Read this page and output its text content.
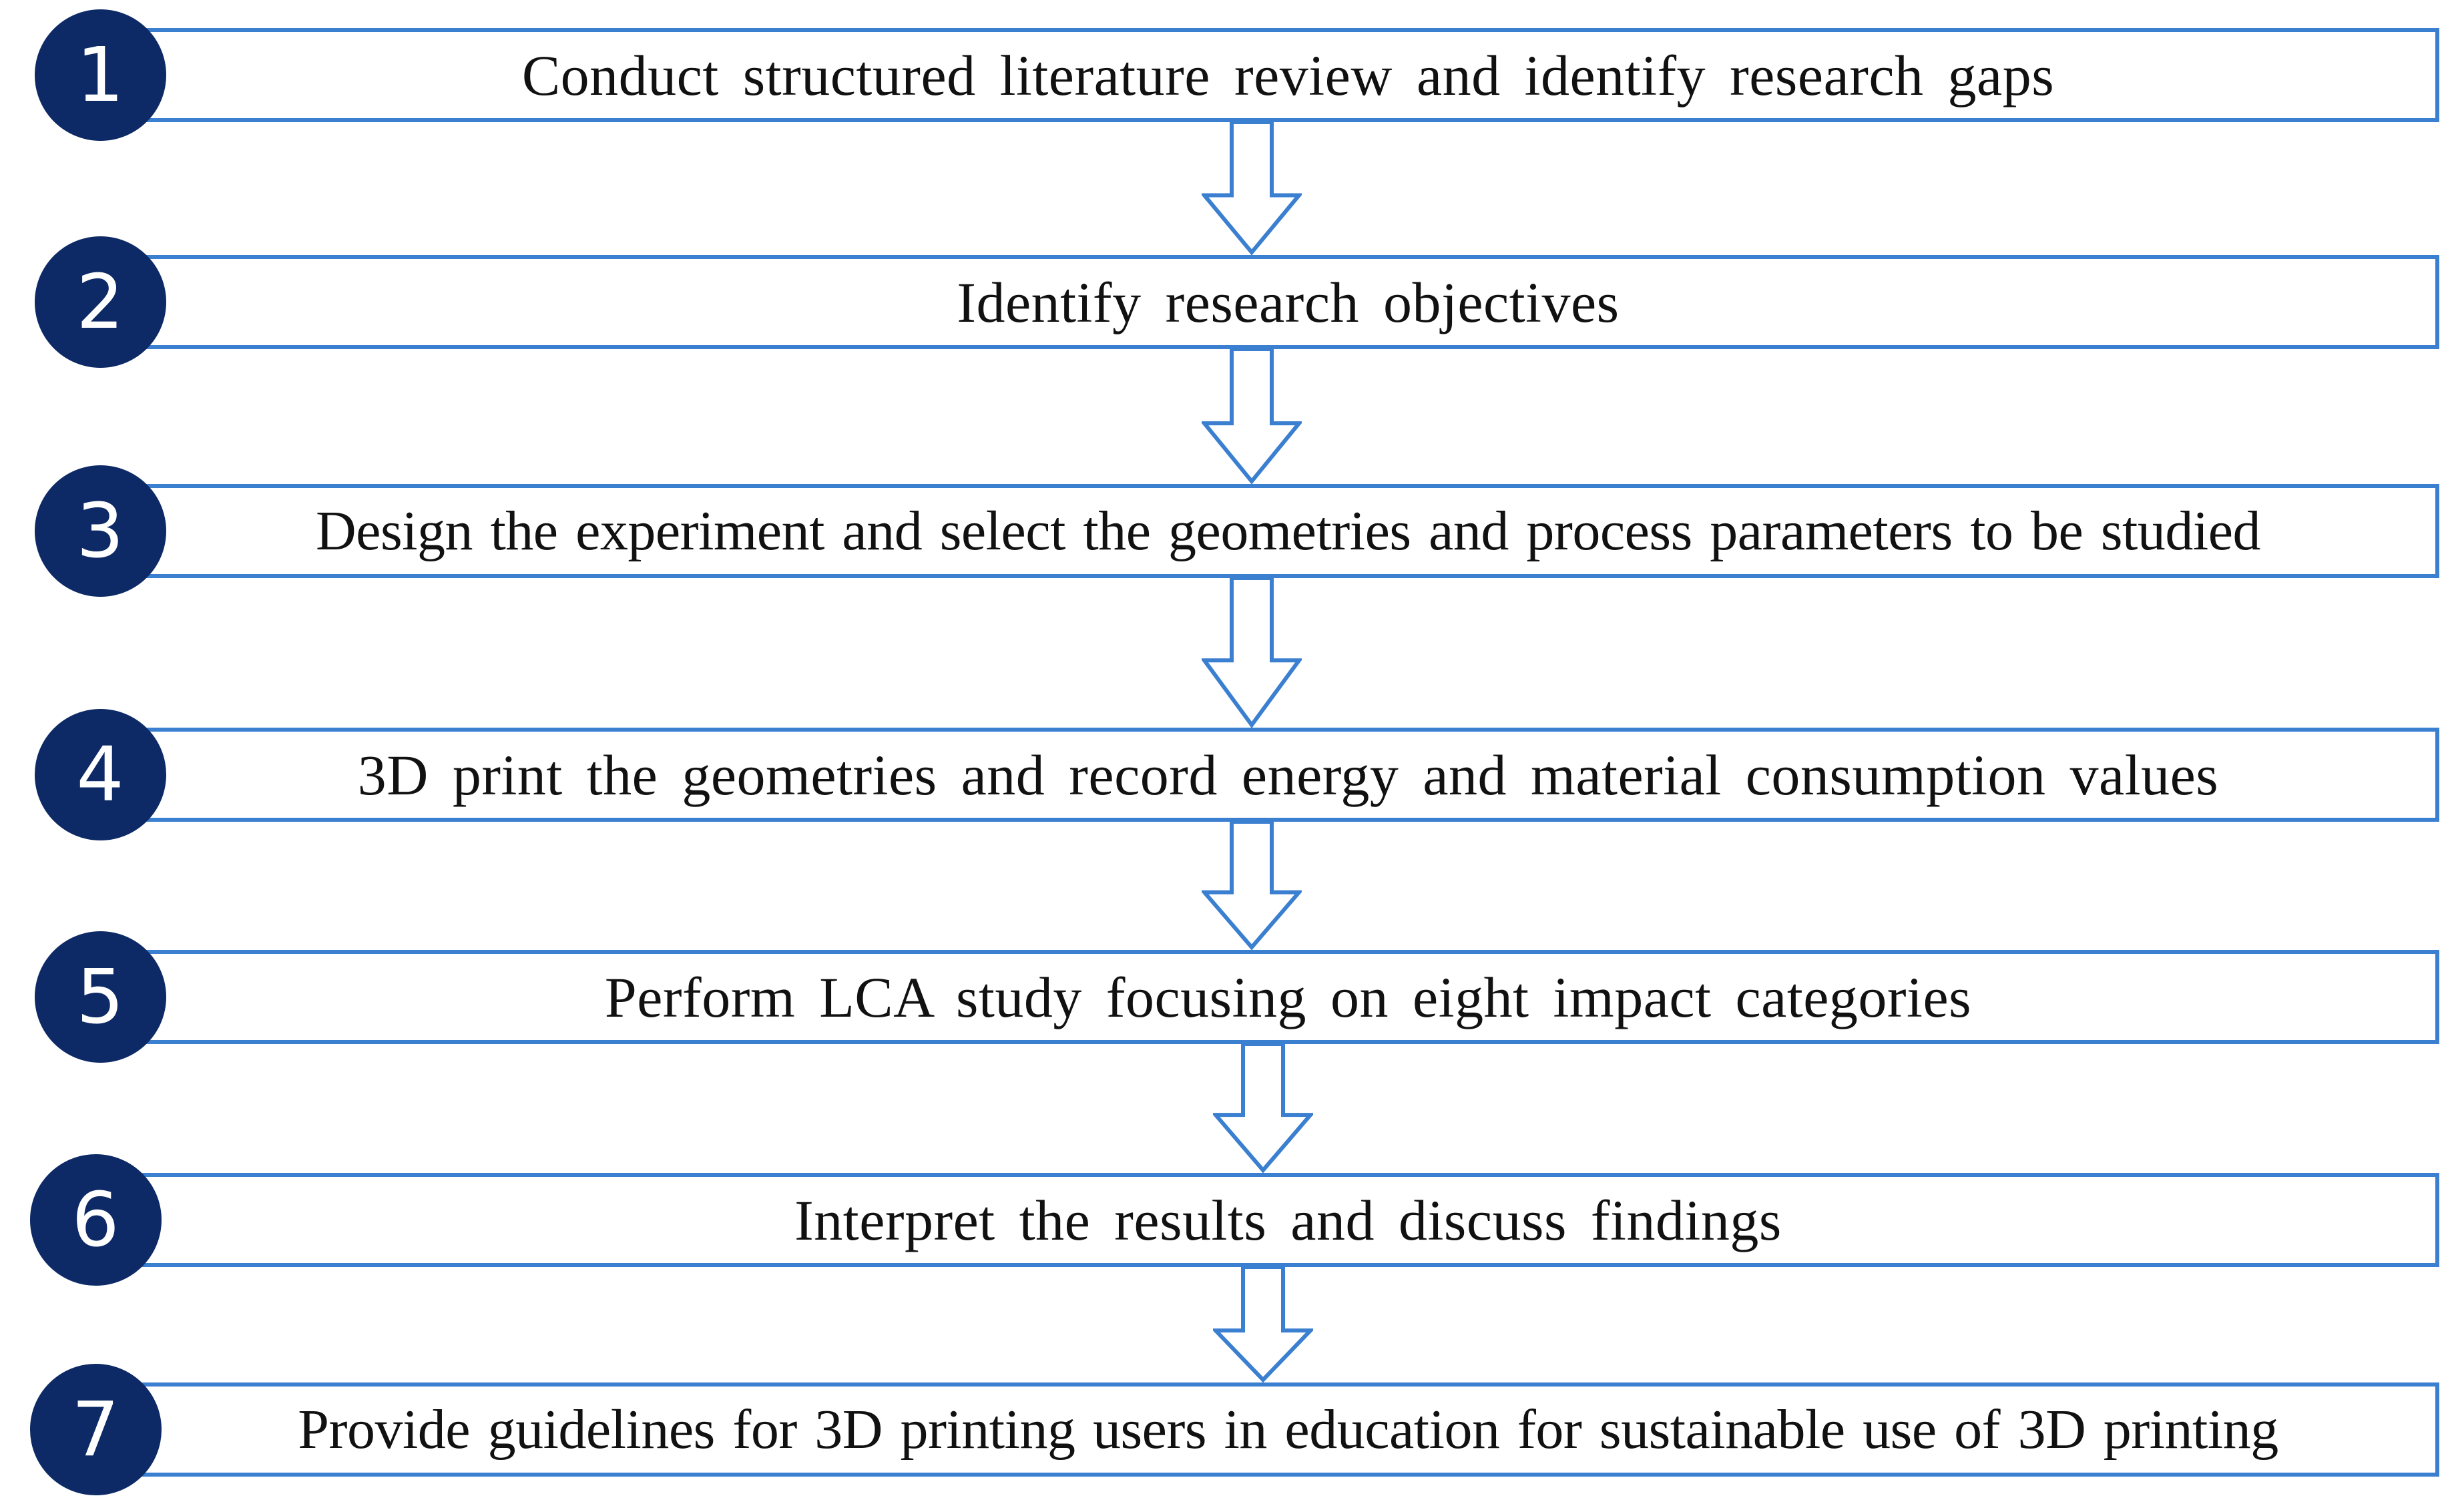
Conduct structured literature review and identify research gaps
1
Identify research objectives
2
Design the experiment and select the geometries and process parameters to be studied
3
3D print the geometries and record energy and material consumption values
4
Perform LCA study focusing on eight impact categories
5
Interpret the results and discuss findings
6
Provide guidelines for 3D printing users in education for sustainable use of 3D printing
7
